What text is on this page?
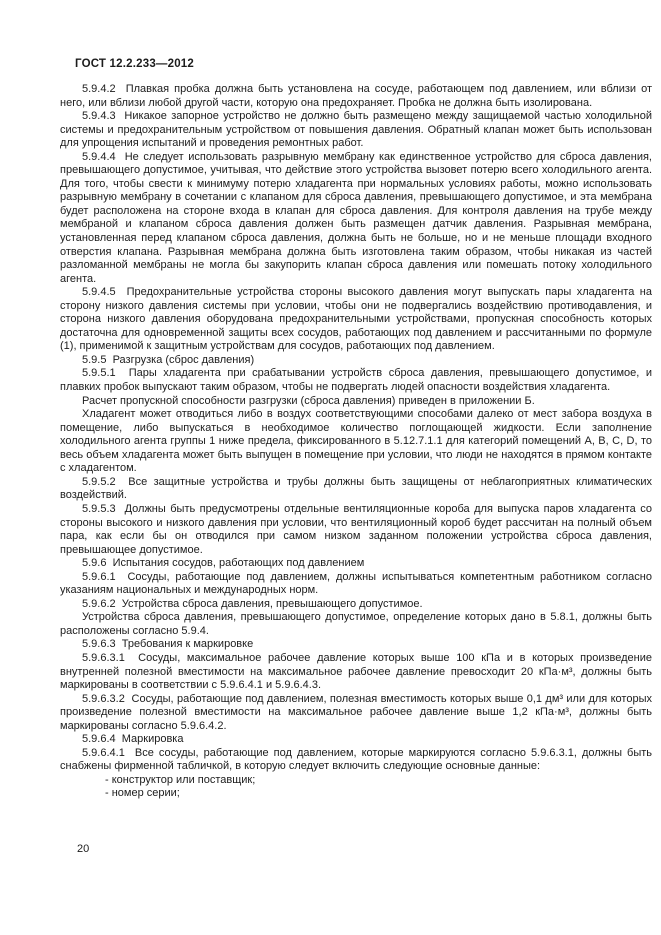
ГОСТ 12.2.233—2012

5.9.4.2  Плавкая пробка должна быть установлена на сосуде, работающем под давлением, или вблизи от него, или вблизи любой другой части, которую она предохраняет. Пробка не должна быть изолирована.

5.9.4.3  Никакое запорное устройство не должно быть размещено между защищаемой частью холодильной системы и предохранительным устройством от повышения давления. Обратный клапан может быть использован для упрощения испытаний и проведения ремонтных работ.

5.9.4.4  Не следует использовать разрывную мембрану как единственное устройство для сброса давления, превышающего допустимое, учитывая, что действие этого устройства вызовет потерю всего холодильного агента. Для того, чтобы свести к минимуму потерю хладагента при нормальных условиях работы, можно использовать разрывную мембрану в сочетании с клапаном для сброса давления, превышающего допустимое, и эта мембрана будет расположена на стороне входа в клапан для сброса давления. Для контроля давления на трубе между мембраной и клапаном сброса давления должен быть размещен датчик давления. Разрывная мембрана, установленная перед клапаном сброса давления, должна быть не больше, но и не меньше площади входного отверстия клапана. Разрывная мембрана должна быть изготовлена таким образом, чтобы никакая из частей разломанной мембраны не могла бы закупорить клапан сброса давления или помешать потоку холодильного агента.

5.9.4.5  Предохранительные устройства стороны высокого давления могут выпускать пары хладагента на сторону низкого давления системы при условии, чтобы они не подвергались воздействию противодавления, и сторона низкого давления оборудована предохранительными устройствами, пропускная способность которых достаточна для одновременной защиты всех сосудов, работающих под давлением и рассчитанными по формуле (1), применимой к защитным устройствам для сосудов, работающих под давлением.

5.9.5  Разгрузка (сброс давления)

5.9.5.1  Пары хладагента при срабатывании устройств сброса давления, превышающего допустимое, и плавких пробок выпускают таким образом, чтобы не подвергать людей опасности воздействия хладагента.

Расчет пропускной способности разгрузки (сброса давления) приведен в приложении Б.

Хладагент может отводиться либо в воздух соответствующими способами далеко от мест забора воздуха в помещение, либо выпускаться в необходимое количество поглощающей жидкости. Если заполнение холодильного агента группы 1 ниже предела, фиксированного в 5.12.7.1.1 для категорий помещений A, B, C, D, то весь объем хладагента может быть выпущен в помещение при условии, что люди не находятся в прямом контакте с хладагентом.

5.9.5.2  Все защитные устройства и трубы должны быть защищены от неблагоприятных климатических воздействий.

5.9.5.3  Должны быть предусмотрены отдельные вентиляционные короба для выпуска паров хладагента со стороны высокого и низкого давления при условии, что вентиляционный короб будет рассчитан на полный объем пара, как если бы он отводился при самом низком заданном положении устройства сброса давления, превышающее допустимое.

5.9.6  Испытания сосудов, работающих под давлением

5.9.6.1  Сосуды, работающие под давлением, должны испытываться компетентным работником согласно указаниям национальных и международных норм.

5.9.6.2  Устройства сброса давления, превышающего допустимое.

Устройства сброса давления, превышающего допустимое, определение которых дано в 5.8.1, должны быть расположены согласно 5.9.4.

5.9.6.3  Требования к маркировке

5.9.6.3.1  Сосуды, максимальное рабочее давление которых выше 100 кПа и в которых произведение внутренней полезной вместимости на максимальное рабочее давление превосходит 20 кПа·м³, должны быть маркированы в соответствии с 5.9.6.4.1 и 5.9.6.4.3.

5.9.6.3.2  Сосуды, работающие под давлением, полезная вместимость которых выше 0,1 дм³ или для которых произведение полезной вместимости на максимальное рабочее давление выше 1,2 кПа·м³, должны быть маркированы согласно 5.9.6.4.2.

5.9.6.4  Маркировка

5.9.6.4.1  Все сосуды, работающие под давлением, которые маркируются согласно 5.9.6.3.1, должны быть снабжены фирменной табличкой, в которую следует включить следующие основные данные:

- конструктор или поставщик;

- номер серии;

20
